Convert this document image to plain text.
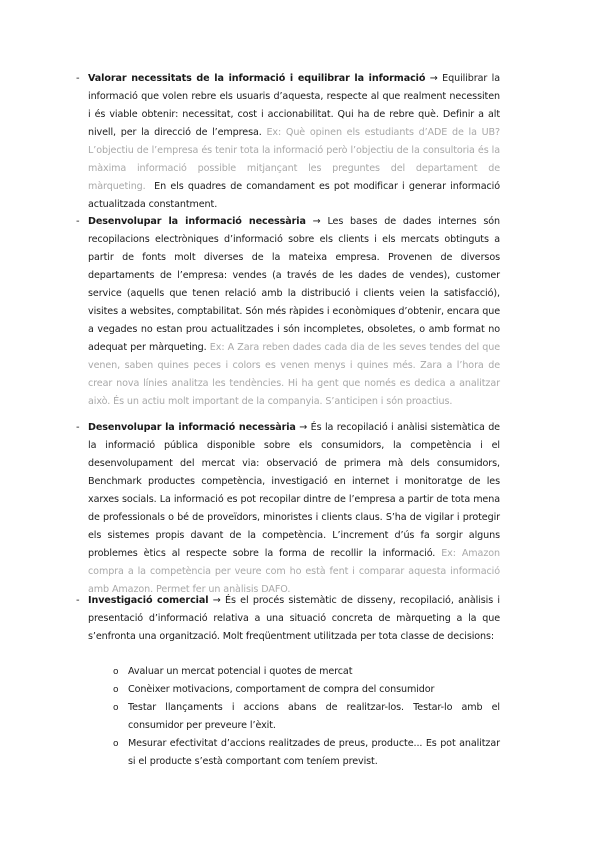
- Valorar necessitats de la informació i equilibrar la informació → Equilibrar la informació que volen rebre els usuaris d’aquesta, respecte al que realment necessiten i és viable obtenir: necessitat, cost i accionabilitat. Qui ha de rebre què. Definir a alt nivell, per la direcció de l’empresa. Ex: Què opinen els estudiants d’ADE de la UB? L’objectiu de l’empresa és tenir tota la informació però l’objectiu de la consultoria és la màxima informació possible mitjançant les preguntes del departament de màrqueting. En els quadres de comandament es pot modificar i generar informació actualitzada constantment.

- Desenvolupar la informació necessària → Les bases de dades internes són recopilacions electròniques d’informació sobre els clients i els mercats obtinguts a partir de fonts molt diverses de la mateixa empresa. Provenen de diversos departaments de l’empresa: vendes (a través de les dades de vendes), customer service (aquells que tenen relació amb la distribució i clients veien la satisfacció), visites a websites, comptabilitat. Són més ràpides i econòmiques d’obtenir, encara que a vegades no estan prou actualitzades i són incompletes, obsoletes, o amb format no adequat per màrqueting. Ex: A Zara reben dades cada dia de les seves tendes del que venen, saben quines peces i colors es venen menys i quines més. Zara a l’hora de crear nova línies analitza les tendències. Hi ha gent que només es dedica a analitzar això. És un actiu molt important de la companyia. S’anticipen i són proactius.

- Desenvolupar la informació necessària → És la recopilació i anàlisi sistemàtica de la informació pública disponible sobre els consumidors, la competència i el desenvolupament del mercat via: observació de primera mà dels consumidors, Benchmark productes competència, investigació en internet i monitoratge de les xarxes socials. La informació es pot recopilar dintre de l’empresa a partir de tota mena de professionals o bé de proveïdors, minoristes i clients claus. S’ha de vigilar i protegir els sistemes propis davant de la competència. L’increment d’ús fa sorgir alguns problemes ètics al respecte sobre la forma de recollir la informació. Ex: Amazon compra a la competència per veure com ho està fent i comparar aquesta informació amb Amazon. Permet fer un anàlisis DAFO.

- Investigació comercial → És el procés sistemàtic de disseny, recopilació, anàlisis i presentació d’informació relativa a una situació concreta de màrqueting a la que s’enfronta una organització. Molt freqüentment utilitzada per tota classe de decisions:

o Avaluar un mercat potencial i quotes de mercat
o Conèixer motivacions, comportament de compra del consumidor
o Testar llançaments i accions abans de realitzar-los. Testar-lo amb el consumidor per preveure l’èxit.
o Mesurar efectivitat d’accions realitzades de preus, producte... Es pot analitzar si el producte s’està comportant com teníem previst.
